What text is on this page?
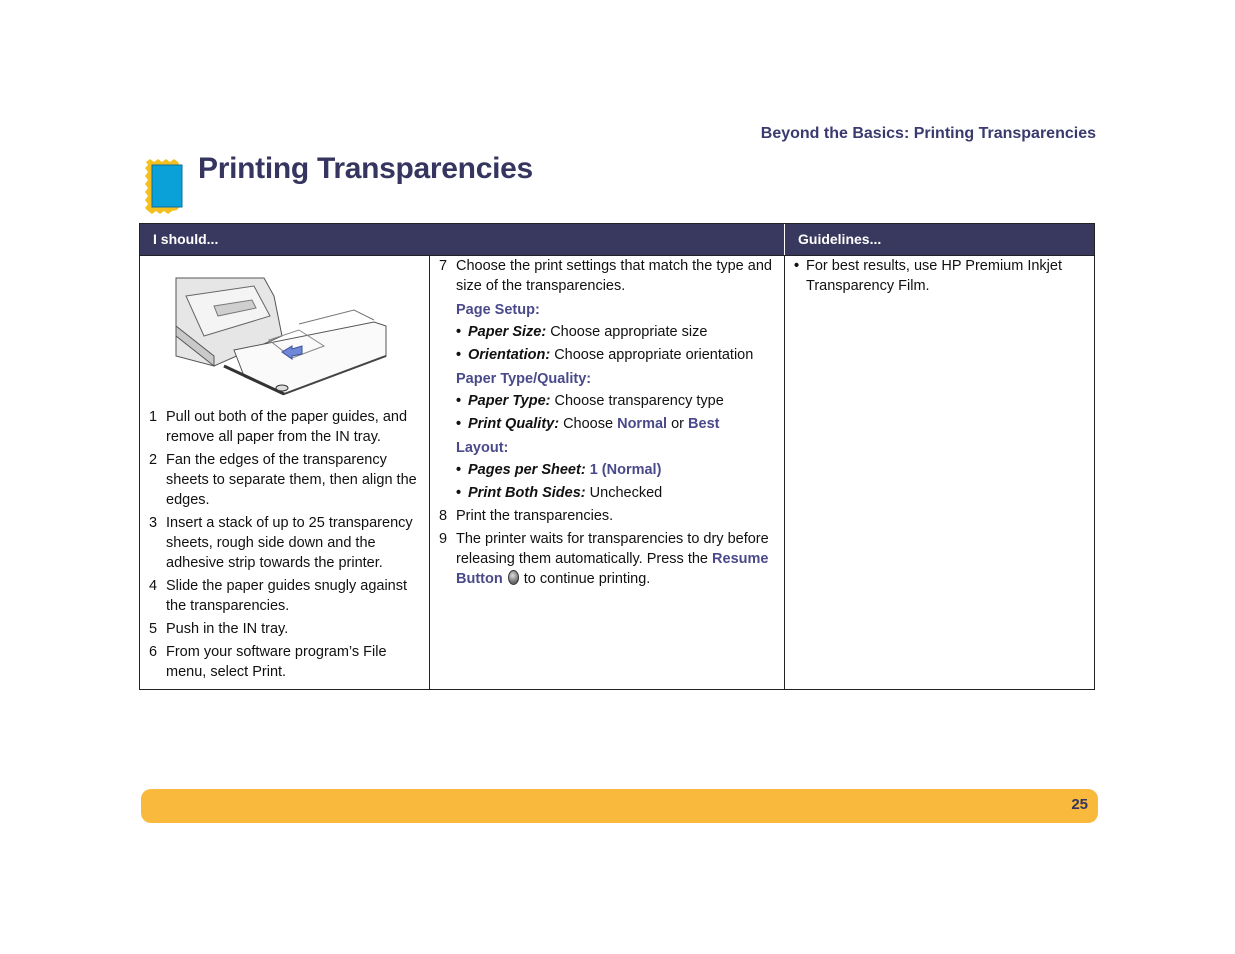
Beyond the Basics: Printing Transparencies
Printing Transparencies
I should...	Guidelines...
1 Pull out both of the paper guides, and remove all paper from the IN tray.
2 Fan the edges of the transparency sheets to separate them, then align the edges.
3 Insert a stack of up to 25 transparency sheets, rough side down and the adhesive strip towards the printer.
4 Slide the paper guides snugly against the transparencies.
5 Push in the IN tray.
6 From your software program’s File menu, select Print.
7 Choose the print settings that match the type and size of the transparencies.
Page Setup:
• Paper Size: Choose appropriate size
• Orientation: Choose appropriate orientation
Paper Type/Quality:
• Paper Type: Choose transparency type
• Print Quality: Choose Normal or Best
Layout:
• Pages per Sheet: 1 (Normal)
• Print Both Sides: Unchecked
8 Print the transparencies.
9 The printer waits for transparencies to dry before releasing them automatically. Press the Resume Button to continue printing.

• For best results, use HP Premium Inkjet Transparency Film.

25
